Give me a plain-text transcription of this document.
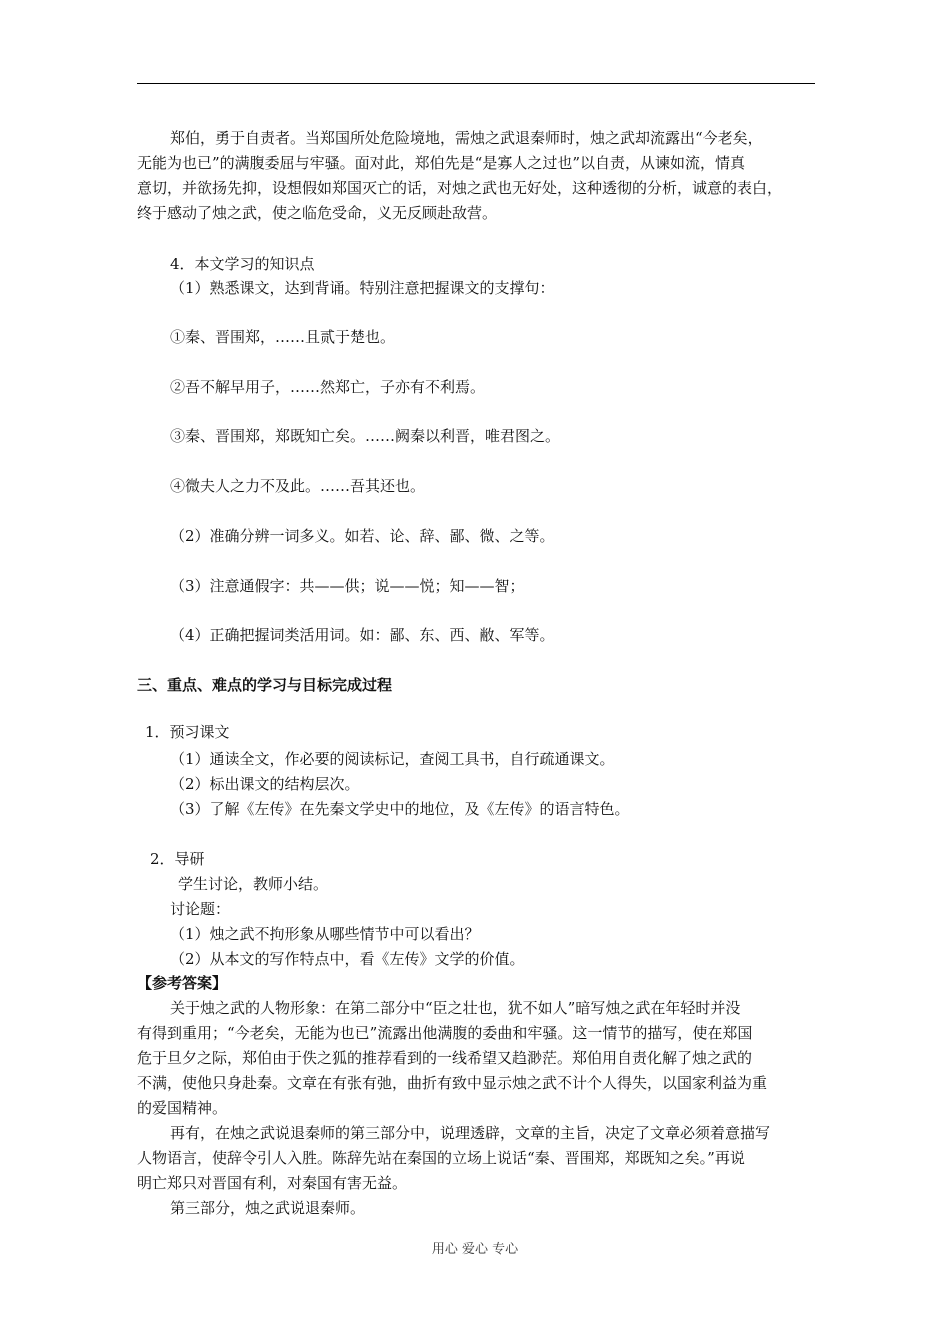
郑伯，勇于自责者。当郑国所处危险境地，需烛之武退秦师时，烛之武却流露出“今老矣，
无能为也已”的满腹委屈与牢骚。面对此，郑伯先是“是寡人之过也”以自责，从谏如流，情真
意切，并欲扬先抑，设想假如郑国灭亡的话，对烛之武也无好处，这种透彻的分析，诚意的表白，
终于感动了烛之武，使之临危受命，义无反顾赴敌营。
4．本文学习的知识点
（1）熟悉课文，达到背诵。特别注意把握课文的支撑句：
①秦、晋围郑，……且贰于楚也。
②吾不解早用子，……然郑亡，子亦有不利焉。
③秦、晋围郑，郑既知亡矣。……阙秦以利晋，唯君图之。
④微夫人之力不及此。……吾其还也。
（2）准确分辨一词多义。如若、论、辞、鄙、微、之等。
（3）注意通假字：共——供；说——悦；知——智；
（4）正确把握词类活用词。如：鄙、东、西、敝、军等。
三、重点、难点的学习与目标完成过程
1．预习课文
（1）通读全文，作必要的阅读标记，查阅工具书，自行疏通课文。
（2）标出课文的结构层次。
（3）了解《左传》在先秦文学史中的地位，及《左传》的语言特色。
2．导研
学生讨论，教师小结。
讨论题：
（1）烛之武不拘形象从哪些情节中可以看出？
（2）从本文的写作特点中，看《左传》文学的价值。
【参考答案】
关于烛之武的人物形象：在第二部分中“臣之壮也，犹不如人”暗写烛之武在年轻时并没
有得到重用；“今老矣，无能为也已”流露出他满腹的委曲和牢骚。这一情节的描写，使在郑国
危于旦夕之际，郑伯由于佚之狐的推荐看到的一线希望又趋渺茫。郑伯用自责化解了烛之武的
不满，使他只身赴秦。文章在有张有弛，曲折有致中显示烛之武不计个人得失，以国家利益为重
的爱国精神。
再有，在烛之武说退秦师的第三部分中，说理透辟，文章的主旨，决定了文章必须着意描写
人物语言，使辞令引人入胜。陈辞先站在秦国的立场上说话“秦、晋围郑，郑既知之矣。”再说
明亡郑只对晋国有利，对秦国有害无益。
第三部分，烛之武说退秦师。
用心 爱心 专心
